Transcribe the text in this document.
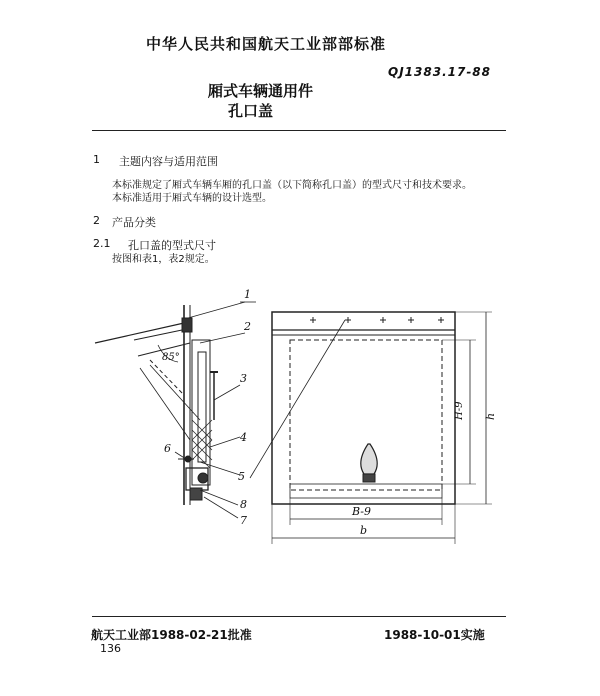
中华人民共和国航天工业部部标准
QJ1383.17-88
厢式车辆通用件
孔口盖
1 主题内容与适用范围
本标准规定了厢式车辆车厢的孔口盖（以下简称孔口盖）的型式尺寸和技术要求。
本标准适用于厢式车辆的设计选型。
2 产品分类
2.1 孔口盖的型式尺寸
按图和表1，表2规定。
1
2
3
4
5
6
7
8
85°
B-9
b
H-9 h
航天工业部1988-02-21批准	1988-10-01实施
136
